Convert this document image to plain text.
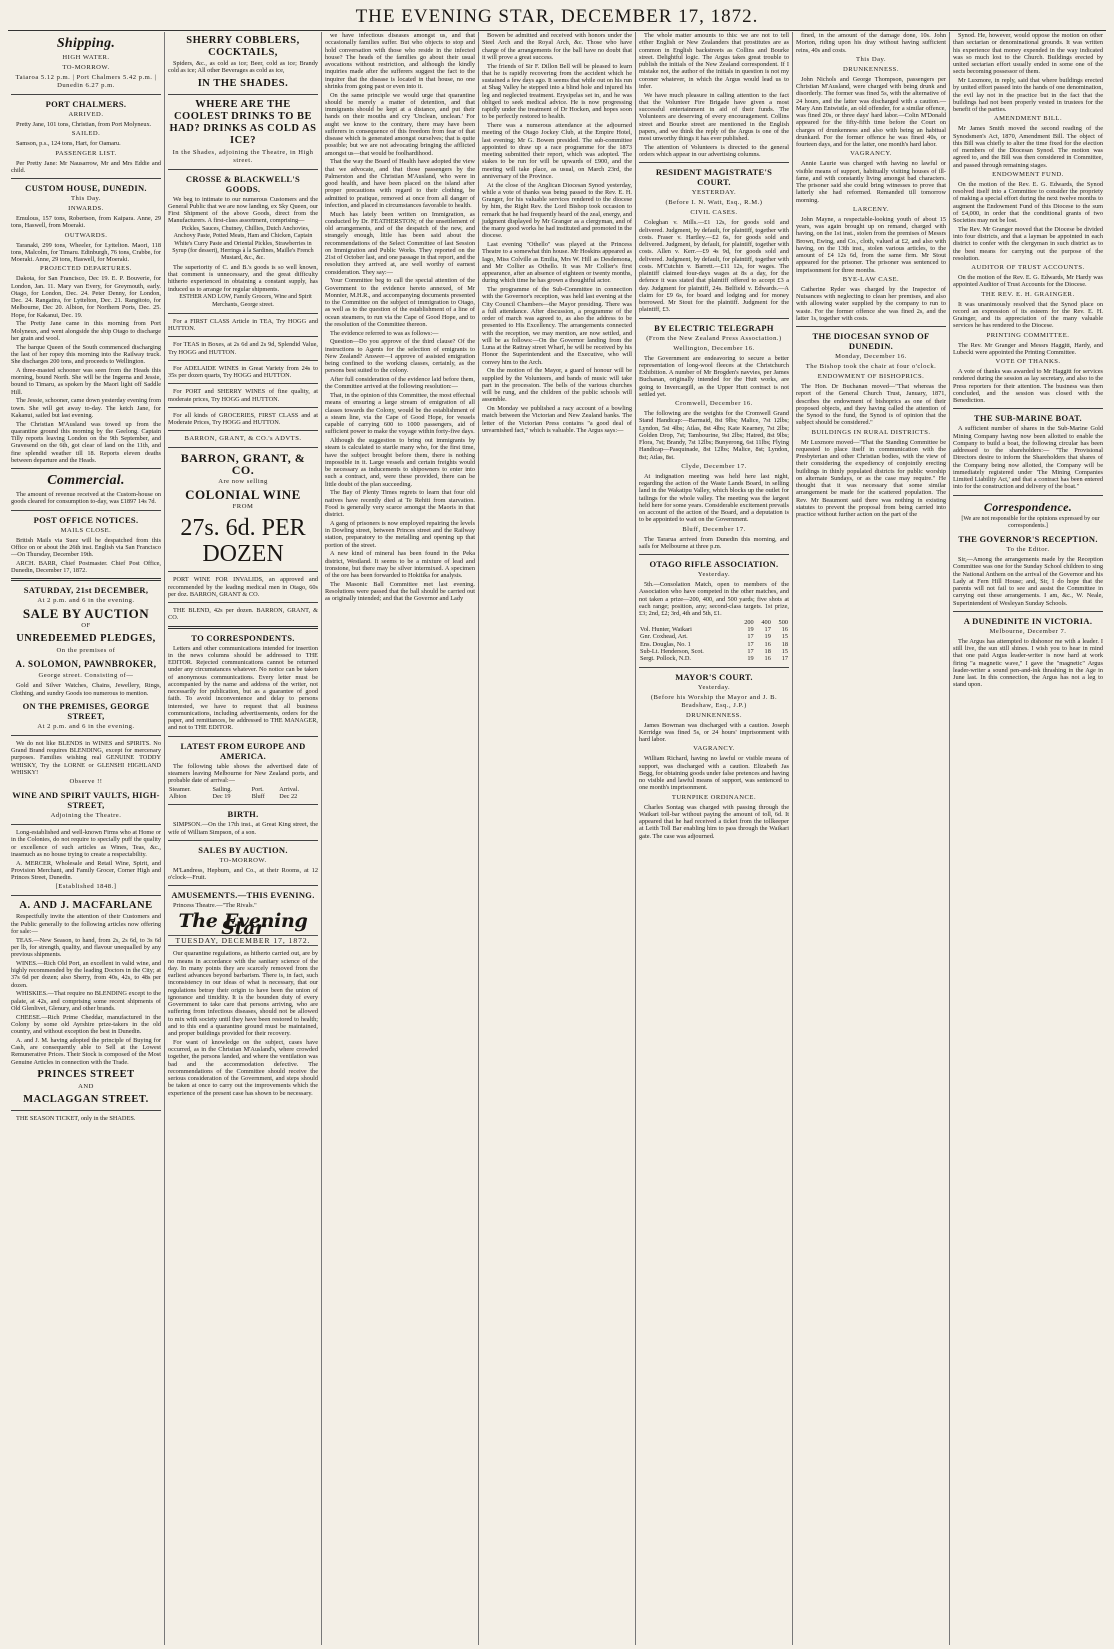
THE EVENING STAR, DECEMBER 17, 1872.
Shipping.
HIGH WATER.
TO-MORROW.
Taiaroa 5.12 p.m. | Port Chalmers 5.42 p.m. | Dunedin 6.27 p.m.
PORT CHALMERS.
ARRIVED.

Pretty Jane, 101 tons, Christian, from Port Molyneux.

SAILED.

Samson, p.s., 124 tons, Hart, for Oamaru.

PASSENGER LIST.

Per Pretty Jane: Mr Nausarrow, Mr and Mrs Eddie and child.

CUSTOM HOUSE, DUNEDIN.
This Day.
INWARDS.

Emulous, 157 tons, Robertson, from Kaipara. Anne, 29 tons, Haswell, from Moeraki.

OUTWARDS.

Taranaki, 299 tons, Wheeler, for Lyttelton. Maori, 118 tons, Malcolm, for Timaru. Edinburgh, 76 tons, Crabbe, for Moeraki. Anne, 29 tons, Haswell, for Moeraki.

PROJECTED DEPARTURES.

Dakota, for San Francisco, Dec 19. E. P. Bouverie, for London, Jan. 11. Mary van Every, for Greymouth, early. Otago, for London, Dec. 24. Peter Denny, for London, Dec. 24. Rangatira, for Lyttelton, Dec. 21. Rangitoto, for Melbourne, Dec 20. Albion, for Northern Ports, Dec. 25. Hope, for Kakanui, Dec. 19.

The Pretty Jane came in this morning from Port Molyneux, and went alongside the ship Otago to discharge her grain and wool.

The barque Queen of the South commenced discharging the last of her ropey this morning into the Railway truck. She discharges 200 tons, and proceeds to Wellington.

A three-masted schooner was seen from the Heads this morning, bound North. She will be the Ingerna and Jessie, bound to Timaru, as spoken by the Maori light off Saddle Hill.

The Jessie, schooner, came down yesterday evening from town. She will get away to-day. The ketch Jane, for Kakanui, sailed but last evening.

The Christian M'Ausland was towed up from the quarantine ground this morning by the Geelong. Captain Tilly reports leaving London on the 9th September, and Gravesend on the 6th, got clear of land on the 11th, and fine splendid weather till 18. Reports eleven deaths between departure and the Heads.

Commercial.

The amount of revenue received at the Custom-house on goods cleared for consumption to-day, was £1897 14s 7d.

POST OFFICE NOTICES.
MAILS CLOSE.

British Mails via Suez will be despatched from this Office on or about the 26th inst. English via San Francisco—On Thursday, December 19th.

ARCH. BARR, Chief Postmaster. Chief Post Office, Dunedin, December 17, 1872.

SATURDAY, 21st DECEMBER,
At 2 p.m. and 6 in the evening.
SALE BY AUCTION
OF
UNREDEEMED PLEDGES,
On the premises of
A. SOLOMON, PAWNBROKER,
George street. Consisting of—

Gold and Silver Watches, Chains, Jewellery, Rings, Clothing, and sundry Goods too numerous to mention.

ON THE PREMISES, GEORGE STREET,
At 2 p.m. and 6 in the evening.

We do not like BLENDS in WINES and SPIRITS. No Grand Brand requires BLENDING, except for mercenary purposes. Families wishing real GENUINE TODDY WHISKY, Try the LORNE or GLENSHI HIGHLAND WHISKY!

Observe !!
WINE AND SPIRIT VAULTS, HIGH-STREET,
Adjoining the Theatre.

Long-established and well-known Firms who at Home or in the Colonies, do not require to specially puff the quality or excellence of such articles as Wines, Teas, &c., inasmuch as no house trying to create a respectability.

A. MERCER, Wholesale and Retail Wine, Spirit, and Provision Merchant, and Family Grocer, Corner High and Princes Street, Dunedin.

[Established 1848.]
A. AND J. MACFARLANE

Respectfully invite the attention of their Customers and the Public generally to the following articles now offering for sale:—

TEAS.—New Season, to hand, from 2s, 2s 6d, to 3s 6d per lb, for strength, quality, and flavour unequalled by any previous shipments.

WINES.—Rich Old Port, an excellent in valid wine, and highly recommended by the leading Doctors in the City; at 37s 6d per dozen; also Sherry, from 40s, 42s, to 48s per dozen.

WHISKIES.—That require no BLENDING except to the palate, at 42s, and comprising some recent shipments of Old Glenlivet, Glenury, and other brands.

CHEESE.—Rich Prime Cheddar, manufactured in the Colony by some old Ayrshire prize-takers in the old country, and without exception the best in Dunedin.

A. and J. M. having adopted the principle of Buying for Cash, are consequently able to Sell at the Lowest Remunerative Prices. Their Stock is composed of the Most Genuine Articles in connection with the Trade.

PRINCES STREET
AND
MACLAGGAN STREET.

THE SEASON TICKET, only in the SHADES.

SHERRY COBBLERS, COCKTAILS,

Spiders, &c., as cold as ice; Beer, cold as ice; Brandy cold as ice; All other Beverages as cold as ice,

IN THE SHADES.
WHERE ARE THE COOLEST DRINKS TO BE HAD? DRINKS AS COLD AS ICE?
In the Shades, adjoining the Theatre, in High street.
CROSSE & BLACKWELL'S GOODS.

We beg to intimate to our numerous Customers and the General Public that we are now landing, ex Sky Queen, our First Shipment of the above Goods, direct from the Manufacturers. A first-class assortment, comprising—

Pickles, Sauces, Chutney, Chillies, Dutch Anchovies, Anchovy Paste, Potted Meats, Ham and Chicken, Captain White's Curry Paste and Oriental Pickles, Strawberries in Syrup (for dessert), Herrings à la Sardines, Maille's French Mustard, &c., &c.

The superiority of C. and B.'s goods is so well known, that comment is unnecessary, and the great difficulty hitherto experienced in obtaining a constant supply, has induced us to arrange for regular shipments.

ESTHER AND LOW, Family Grocers, Wine and Spirit Merchants, George street.

For a FIRST CLASS Article in TEA, Try HOGG and HUTTON.

For TEAS in Boxes, at 2s 6d and 2s 9d, Splendid Value, Try HOGG and HUTTON.

For ADELAIDE WINES in Great Variety from 24s to 35s per dozen quarts, Try HOGG and HUTTON.

For PORT and SHERRY WINES of fine quality, at moderate prices, Try HOGG and HUTTON.

For all kinds of GROCERIES, FIRST CLASS and at Moderate Prices, Try HOGG and HUTTON.

BARRON, GRANT, & CO.'s ADVTS.
BARRON, GRANT, & CO.
Are now selling
COLONIAL WINE
FROM
27s. 6d. PER DOZEN

PORT WINE FOR INVALIDS, an approved and recommended by the leading medical men in Otago, 60s per doz. BARRON, GRANT & CO.

THE BLEND, 42s per dozen. BARRON, GRANT, & CO.

TO CORRESPONDENTS.

Letters and other communications intended for insertion in the news columns should be addressed to THE EDITOR. Rejected communications cannot be returned under any circumstances whatever. No notice can be taken of anonymous communications. Every letter must be accompanied by the name and address of the writer, not necessarily for publication, but as a guarantee of good faith. To avoid inconvenience and delay to persons interested, we have to request that all business communications, including advertisements, orders for the paper, and remittances, be addressed to THE MANAGER, and not to THE EDITOR.

LATEST FROM EUROPE AND AMERICA.

The following table shows the advertised date of steamers leaving Melbourne for New Zealand ports, and probable date of arrival:—

Steamer.	Sailing.	Port.	Arrival.
Albion	Dec 19	Bluff	Dec 22
BIRTH.

SIMPSON.—On the 17th inst., at Great King street, the wife of William Simpson, of a son.

SALES BY AUCTION.
TO-MORROW.

M'Landress, Hepburn, and Co., at their Rooms, at 12 o'clock—Fruit.

AMUSEMENTS.—THIS EVENING.

Princess Theatre.—"The Rivals."

The Evening Star
TUESDAY, DECEMBER 17, 1872.

Our quarantine regulations, as hitherto carried out, are by no means in accordance with the sanitary science of the day. In many points they are scarcely removed from the earliest advances beyond barbarism. There is, in fact, such inconsistency in our ideas of what is necessary, that our regulations betray their origin to have been the union of ignorance and timidity. It is the bounden duty of every Government to take care that persons arriving, who are suffering from infectious diseases, should not be allowed to mix with society until they have been restored to health; and to this end a quarantine ground must be maintained, and proper buildings provided for their recovery.

For want of knowledge on the subject, cases have occurred, as in the Christian M'Ausland's, where crowded together, the persons landed, and where the ventilation was bad and the accommodation defective. The recommendations of the Committee should receive the serious consideration of the Government, and steps should be taken at once to carry out the improvements which the experience of the present case has shown to be necessary.

we have infectious diseases amongst us, and that occasionally families suffer. But who objects to stop and hold conversation with those who reside in the infected house? The heads of the families go about their usual avocations without restriction, and although the kindly inquiries made after the sufferers suggest the fact to the inquirer that the disease is located in that house, no one shrinks from going past or even into it.

On the same principle we would urge that quarantine should be merely a matter of detention, and that immigrants should be kept at a distance, and put their hands on their mouths and cry 'Unclean, unclean.' For aught we know to the contrary, there may have been sufferers in consequence of this freedom from fear of that disease which is generated amongst ourselves; that is quite possible; but we are not advocating bringing the afflicted amongst us—that would be foolhardihood.

That the way the Board of Health have adopted the view that we advocate, and that those passengers by the Palmerston and the Christian M'Ausland, who were in good health, and have been placed on the island after proper precautions with regard to their clothing, be admitted to pratique, removed at once from all danger of infection, and placed in circumstances favorable to health.

Much has lately been written on Immigration, as conducted by Dr. FEATHERSTON; of the unsettlement of old arrangements, and of the despatch of the new, and strangely enough, little has been said about the recommendations of the Select Committee of last Session on Immigration and Public Works. They reported on the 21st of October last, and one passage in that report, and the resolution they arrived at, are well worthy of earnest consideration. They say:—

Your Committee beg to call the special attention of the Government to the evidence hereto annexed, of Mr Monnier, M.H.R., and accompanying documents presented to the Committee on the subject of immigration to Otago, as well as to the question of the establishment of a line of ocean steamers, to run via the Cape of Good Hope, and to the resolution of the Committee thereon.

The evidence referred to was as follows:—

Question—Do you approve of the third clause? Of the instructions to Agents for the selection of emigrants to New Zealand? Answer—I approve of assisted emigration being confined to the working classes, certainly, as the persons best suited to the colony.

After full consideration of the evidence laid before them, the Committee arrived at the following resolution:—

That, in the opinion of this Committee, the most effectual means of ensuring a large stream of emigration of all classes towards the Colony, would be the establishment of a steam line, via the Cape of Good Hope, for vessels capable of carrying 600 to 1000 passengers, aid of sufficient power to make the voyage within forty-five days.

Although the suggestion to bring out immigrants by steam is calculated to startle many who, for the first time, have the subject brought before them, there is nothing impossible in it. Large vessels and certain freights would be necessary as inducements to shipowners to enter into such a contract, and, were these provided, there can be little doubt of the plan succeeding.

The Bay of Plenty Times regrets to learn that four old natives have recently died at Te Rehiti from starvation. Food is generally very scarce amongst the Maoris in that district.

A gang of prisoners is now employed repairing the levels in Dowling street, between Princes street and the Railway station, preparatory to the metalling and opening up that portion of the street.

A new kind of mineral has been found in the Peka district, Westland. It seems to be a mixture of lead and ironstone, but there may be silver intermixed. A specimen of the ore has been forwarded to Hokitika for analysis.

The Masonic Ball Committee met last evening. Resolutions were passed that the ball should be carried out as originally intended; and that the Governor and Lady

Bowen be admitted and received with honors under the Steel Arch and the Royal Arch, &c. Those who have charge of the arrangements for the ball have no doubt that it will prove a great success.

The friends of Sir F. Dillon Bell will be pleased to learn that he is rapidly recovering from the accident which he sustained a few days ago. It seems that while out on his run at Shag Valley he stepped into a blind hole and injured his leg and neglected treatment. Erysipelas set in, and he was obliged to seek medical advice. He is now progressing rapidly under the treatment of Dr Hocken, and hopes soon to be perfectly restored to health.

There was a numerous attendance at the adjourned meeting of the Otago Jockey Club, at the Empire Hotel, last evening; Mr G. Bowen presided. The sub-committee appointed to draw up a race programme for the 1873 meeting submitted their report, which was adopted. The stakes to be run for will be upwards of £900, and the meeting will take place, as usual, on March 23rd, the anniversary of the Province.

At the close of the Anglican Diocesan Synod yesterday, while a vote of thanks was being passed to the Rev. E. H. Granger, for his valuable services rendered to the diocese by him, the Right Rev. the Lord Bishop took occasion to remark that he had frequently heard of the zeal, energy, and judgment displayed by Mr Granger as a clergyman, and of the many good works he had instituted and promoted in the diocese.

Last evening "Othello" was played at the Princess Theatre to a somewhat thin house. Mr Hoskins appeared as Iago, Miss Colville as Emilia, Mrs W. Hill as Desdemona, and Mr Collier as Othello. It was Mr Collier's first appearance, after an absence of eighteen or twenty months, during which time he has grown a thoughtful actor.

The programme of the Sub-Committee in connection with the Governor's reception, was held last evening at the City Council Chambers—the Mayor presiding. There was a full attendance. After discussion, a programme of the order of march was agreed to, as also the address to be presented to His Excellency. The arrangements connected with the reception, we may mention, are now settled, and will be as follows:—On the Governor landing from the Luna at the Rattray street Wharf, he will be received by his Honor the Superintendent and the Executive, who will convey him to the Arch.

On the motion of the Mayor, a guard of honour will be supplied by the Volunteers, and bands of music will take part in the procession. The bells of the various churches will be rung, and the children of the public schools will assemble.

On Monday we published a racy account of a bowling match between the Victorian and New Zealand banks. The letter of the Victorian Press contains "a good deal of unvarnished fact," which is valuable. The Argus says:—

The whole matter amounts to this: we are not to tell either English or New Zealanders that prostitutes are as common in English backstreets as Collins and Bourke street. Delightful logic. The Argus takes great trouble to publish the initials of the New Zealand correspondent. If I mistake not, the author of the initials in question is not my coroner whatever, in which the Argus would lead us to infer.

We have much pleasure in calling attention to the fact that the Volunteer Fire Brigade have given a most successful entertainment in aid of their funds. The Volunteers are deserving of every encouragement. Collins street and Bourke street are mentioned in the English papers, and we think the reply of the Argus is one of the most unworthy things it has ever published.

The attention of Volunteers is directed to the general orders which appear in our advertising columns.

RESIDENT MAGISTRATE'S COURT.
YESTERDAY.
(Before I. N. Watt, Esq., R.M.)
CIVIL CASES.

Coleghan v. Mills.—£1 12s, for goods sold and delivered. Judgment, by default, for plaintiff, together with costs. Fraser v. Hartley.—£2 6s, for goods sold and delivered. Judgment, by default, for plaintiff, together with costs. Allen v. Kerr.—£9 4s 9d, for goods sold and delivered. Judgment, by default, for plaintiff, together with costs. M'Cutchin v. Barrett.—£11 12s, for wages. The plaintiff claimed four-days wages at 8s a day, for the defence it was stated that plaintiff offered to accept £3 a day. Judgment for plaintiff, 24s. Belfield v. Edwards.—A claim for £9 6s, for board and lodging and for money borrowed. Mr Stout for the plaintiff. Judgment for the plaintiff, £3.

BY ELECTRIC TELEGRAPH
(From the New Zealand Press Association.)
Wellington, December 16.

The Government are endeavoring to secure a better representation of long-wool fleeces at the Christchurch Exhibition. A number of Mr Brogden's navvies, per James Buchanan, originally intended for the Hutt works, are going to Invercargill, as the Upper Hutt contract is not settled yet.

Cromwell, December 16.

The following are the weights for the Cromwell Grand Stand Handicap:—Barmaid, 8st 9lbs; Malice, 7st 12lbs; Lyndon, 5st 4lbs; Atlas, 8st 4lbs; Kate Kearney, 7st 2lbs; Golden Drop, 7st; Tambourine, 9st 2lbs; Hatred, 8st 9lbs; Flora, 7st; Brandy, 7st 12lbs; Bunyerong, 6st 11lbs; Flying Handicap—Pasquinade, 8st 12lbs; Malice, 8st; Lyndon, 8st; Atlas, 8st.

Clyde, December 17.

At indignation meeting was held here last night, regarding the action of the Waste Lands Board, in selling land in the Wakatipu Valley, which blocks up the outlet for tailings for the whole valley. The meeting was the largest held here for some years. Considerable excitement prevails on account of the action of the Board, and a deputation is to be appointed to wait on the Government.

Bluff, December 17.

The Tararua arrived from Dunedin this morning, and sails for Melbourne at three p.m.

OTAGO RIFLE ASSOCIATION.
Yesterday.

5th.—Consolation Match, open to members of the Association who have competed in the other matches, and not taken a prize—200, 400, and 500 yards; five shots at each range; position, any; second-class targets. 1st prize, £3; 2nd, £2; 3rd, 4th and 5th, £1.

	200	400	500
Vol. Hunter, Waikari	19	17	16
Gnr. Coxhead, Art.	17	19	15
Ens. Douglas, No. 1	17	16	18
Sub-Lt. Henderson, Scot.	17	18	15
Sergt. Pollock, N.D.	19	16	17
MAYOR'S COURT.
Yesterday.
(Before his Worship the Mayor and J. B. Bradshaw, Esq., J.P.)
DRUNKENNESS.

James Bowman was discharged with a caution. Joseph Kerridge was fined 5s, or 24 hours' imprisonment with hard labor.

VAGRANCY.

William Richard, having no lawful or visible means of support, was discharged with a caution. Elizabeth Jas Begg, for obtaining goods under false pretences and having no visible and lawful means of support, was sentenced to one month's imprisonment.

TURNPIKE ORDINANCE.

Charles Sontag was charged with passing through the Waikari toll-bar without paying the amount of toll, 6d. It appeared that he had received a ticket from the tollkeeper at Leith Toll Bar enabling him to pass through the Waikari gate. The case was adjourned.

fined, in the amount of the damage done, 10s. John Morton, riding upon his dray without having sufficient reins, 40s and costs.

This Day.
DRUNKENNESS.

John Nichols and George Thompson, passengers per Christian M'Ausland, were charged with being drunk and disorderly. The former was fined 5s, with the alternative of 24 hours, and the latter was discharged with a caution.—Mary Ann Entwistle, an old offender, for a similar offence, was fined 20s, or three days' hard labor.—Colin M'Donald appeared for the fifty-fifth time before the Court on charges of drunkenness and also with being an habitual drunkard. For the former offence he was fined 40s, or fourteen days, and for the latter, one month's hard labor.

VAGRANCY.

Annie Laurie was charged with having no lawful or visible means of support, habitually visiting houses of ill-fame, and with constantly living amongst bad characters. The prisoner said she could bring witnesses to prove that latterly she had reformed. Remanded till tomorrow morning.

LARCENY.

John Mayne, a respectable-looking youth of about 15 years, was again brought up on remand, charged with having, on the 1st inst., stolen from the premises of Messrs Brown, Ewing, and Co., cloth, valued at £2, and also with having, on the 13th inst., stolen various articles, to the amount of £4 12s 6d, from the same firm. Mr Stout appeared for the prisoner. The prisoner was sentenced to imprisonment for three months.

BYE-LAW CASE.

Catherine Ryder was charged by the Inspector of Nuisances with neglecting to clean her premises, and also with allowing water supplied by the company to run to waste. For the former offence she was fined 2s, and the latter 1s, together with costs.

THE DIOCESAN SYNOD OF DUNEDIN.
Monday, December 16.
The Bishop took the chair at four o'clock.
ENDOWMENT OF BISHOPRICS.

The Hon. Dr Buchanan moved—"That whereas the report of the General Church Trust, January, 1871, describes the endowment of bishoprics as one of their proposed objects, and they having called the attention of the Synod to the fund, the Synod is of opinion that the subject should be considered."

BUILDINGS IN RURAL DISTRICTS.

Mr Luxmore moved—"That the Standing Committee be requested to place itself in communication with the Presbyterian and other Christian bodies, with the view of their considering the expediency of conjointly erecting buildings in thinly populated districts for public worship on alternate Sundays, or as the case may require." He thought that it was necessary that some similar arrangement be made for the scattered population. The Rev. Mr Beaumont said there was nothing in existing statutes to prevent the proposal from being carried into practice without further action on the part of the

Synod. He, however, would oppose the motion on other than sectarian or denominational grounds. It was written his experience that money expended in the way indicated was so much lost to the Church. Buildings erected by united sectarian effort usually ended in some one of the sects becoming possessor of them.

Mr Luxmore, in reply, said that where buildings erected by united effort passed into the hands of one denomination, the evil lay not in the practice but in the fact that the buildings had not been properly vested in trustees for the benefit of the parties.

AMENDMENT BILL.

Mr James Smith moved the second reading of the Synodsmen's Act, 1870, Amendment Bill. The object of this Bill was chiefly to alter the time fixed for the election of members of the Diocesan Synod. The motion was agreed to, and the Bill was then considered in Committee, and passed through remaining stages.

ENDOWMENT FUND.

On the motion of the Rev. E. G. Edwards, the Synod resolved itself into a Committee to consider the propriety of making a special effort during the next twelve months to augment the Endowment Fund of this Diocese to the sum of £4,000, in order that the conditional grants of two Societies may not be lost.

The Rev. Mr Granger moved that the Diocese be divided into four districts, and that a layman be appointed in each district to confer with the clergyman in such district as to the best means for carrying out the purpose of the resolution.

AUDITOR OF TRUST ACCOUNTS.

On the motion of the Rev. E. G. Edwards, Mr Hardy was appointed Auditor of Trust Accounts for the Diocese.

THE REV. E. H. GRAINGER.

It was unanimously resolved that the Synod place on record an expression of its esteem for the Rev. E. H. Grainger, and its appreciation of the many valuable services he has rendered to the Diocese.

PRINTING COMMITTEE.

The Rev. Mr Granger and Messrs Haggitt, Hardy, and Lubecki were appointed the Printing Committee.

VOTE OF THANKS.

A vote of thanks was awarded to Mr Haggitt for services rendered during the session as lay secretary, and also to the Press reporters for their attention. The business was then concluded, and the session was closed with the Benediction.

THE SUB-MARINE BOAT.

A sufficient number of shares in the Sub-Marine Gold Mining Company having now been allotted to enable the Company to build a boat, the following circular has been addressed to the shareholders:— "The Provisional Directors desire to inform the Shareholders that shares of the Company being now allotted, the Company will be immediately registered under 'The Mining Companies Limited Liability Act,' and that a contract has been entered into for the construction and delivery of the boat."

Correspondence.

[We are not responsible for the opinions expressed by our correspondents.]

THE GOVERNOR'S RECEPTION.
To the Editor.

Sir,—Among the arrangements made by the Reception Committee was one for the Sunday School children to sing the National Anthem on the arrival of the Governor and his Lady at Fern Hill House; and, Sir, I do hope that the parents will not fail to see and assist the Committee in carrying out these arrangements. I am, &c., W. Neale, Superintendent of Wesleyan Sunday Schools.

A DUNEDINITE IN VICTORIA.
Melbourne, December 7.

The Argus has attempted to dishonor me with a leader. I still live, the sun still shines. I wish you to hear in mind that one paid Argus leader-writer is now hard at work firing "a magnetic wave," I gave the "magnetic" Argus leader-writer a sound pen-and-ink thrashing in the Age in June last. In this connection, the Argus has not a leg to stand upon.
